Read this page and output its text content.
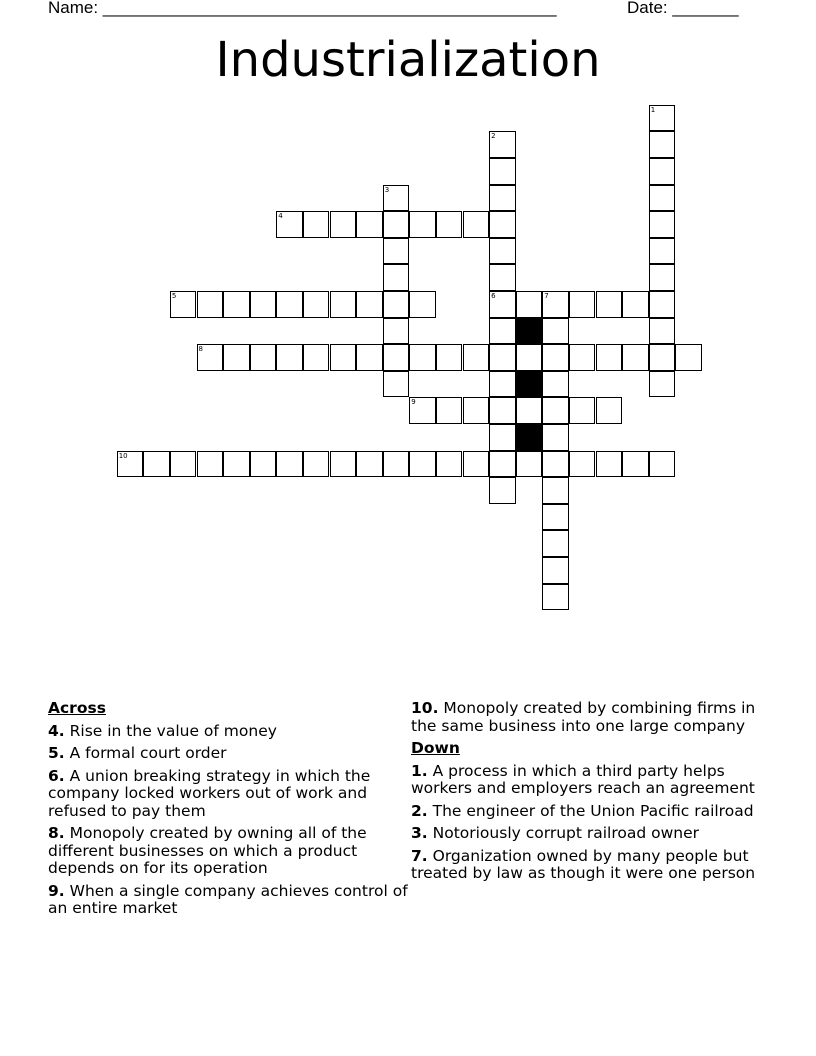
Name: ________________________________________________	Date: _______
Industrialization
1
2
3
4
5	6	7
8
9
10
Across
4. Rise in the value of money
5. A formal court order
6. A union breaking strategy in which the company locked workers out of work and refused to pay them
8. Monopoly created by owning all of the different businesses on which a product depends on for its operation
9. When a single company achieves control of an entire market
10. Monopoly created by combining firms in the same business into one large company
Down
1. A process in which a third party helps workers and employers reach an agreement
2. The engineer of the Union Pacific railroad
3. Notoriously corrupt railroad owner
7. Organization owned by many people but treated by law as though it were one person
